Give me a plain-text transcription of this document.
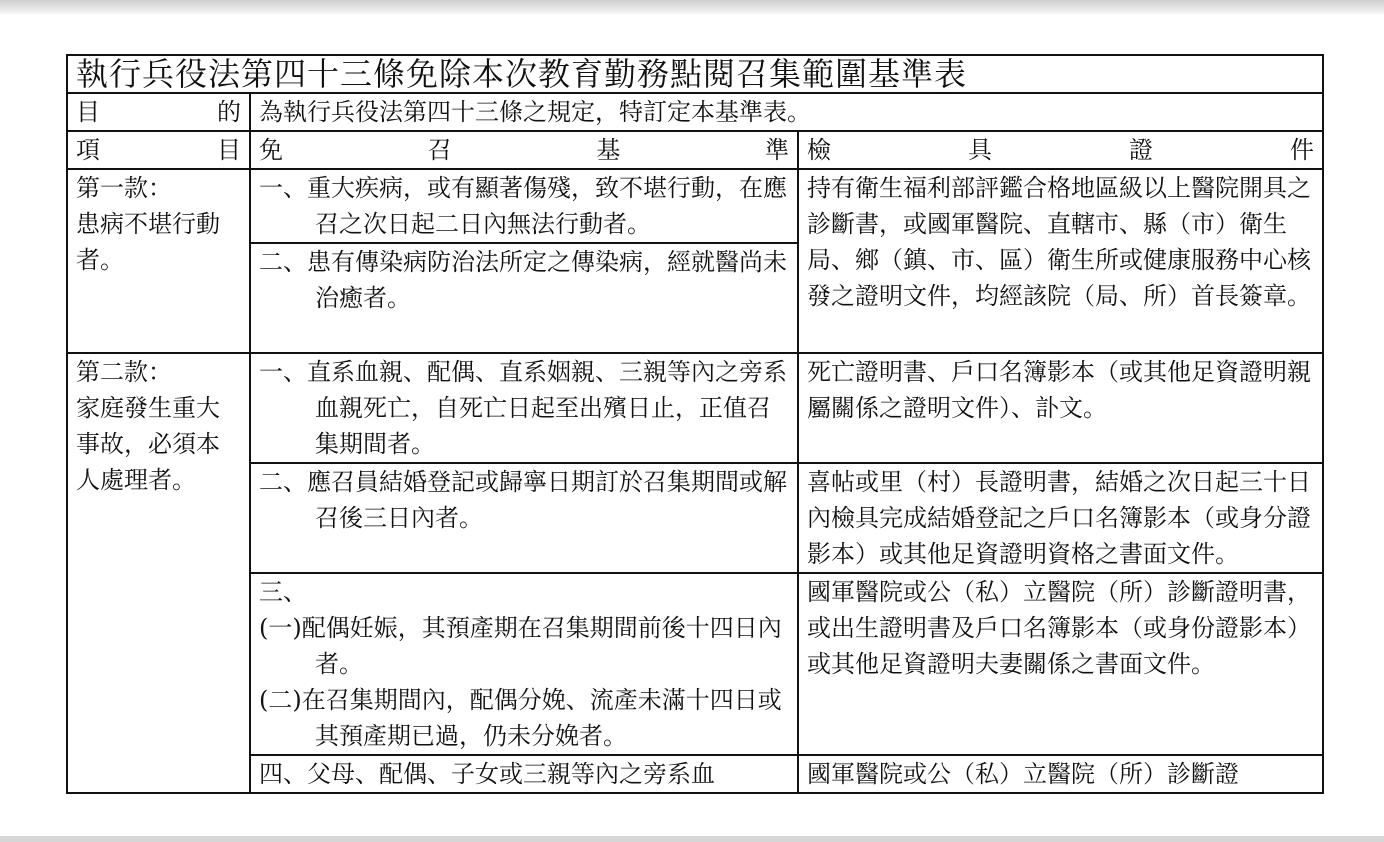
執行兵役法第四十三條免除本次教育勤務點閱召集範圍基準表		

目 的	為執行兵役法第四十三條之規定，特訂定本基準表。	

項 目	免 召 基 準	檢 具 證 件

第一款：
患病不堪行動
者。	一、重大疾病，或有顯著傷殘，致不堪行動，在應召之次日起二日內無法行動者。	持有衛生福利部評鑑合格地區級以上醫院開具之診斷書，或國軍醫院、直轄市、縣（市）衛生局、鄉（鎮、市、區）衛生所或健康服務中心核發之證明文件，均經該院（局、所）首長簽章。

	二、患有傳染病防治法所定之傳染病，經就醫尚未治癒者。	

第二款：
家庭發生重大
事故，必須本
人處理者。	一、直系血親、配偶、直系姻親、三親等內之旁系血親死亡，自死亡日起至出殯日止，正值召集期間者。	死亡證明書、戶口名簿影本（或其他足資證明親屬關係之證明文件）、訃文。

	二、應召員結婚登記或歸寧日期訂於召集期間或解召後三日內者。	喜帖或里（村）長證明書，結婚之次日起三十日內檢具完成結婚登記之戶口名簿影本（或身分證影本）或其他足資證明資格之書面文件。

	三、
(一)配偶妊娠，其預產期在召集期間前後十四日內者。
(二)在召集期間內，配偶分娩、流產未滿十四日或其預產期已過，仍未分娩者。	國軍醫院或公（私）立醫院（所）診斷證明書，或出生證明書及戶口名簿影本（或身份證影本）或其他足資證明夫妻關係之書面文件。

	四、父母、配偶、子女或三親等內之旁系血	國軍醫院或公（私）立醫院（所）診斷證
